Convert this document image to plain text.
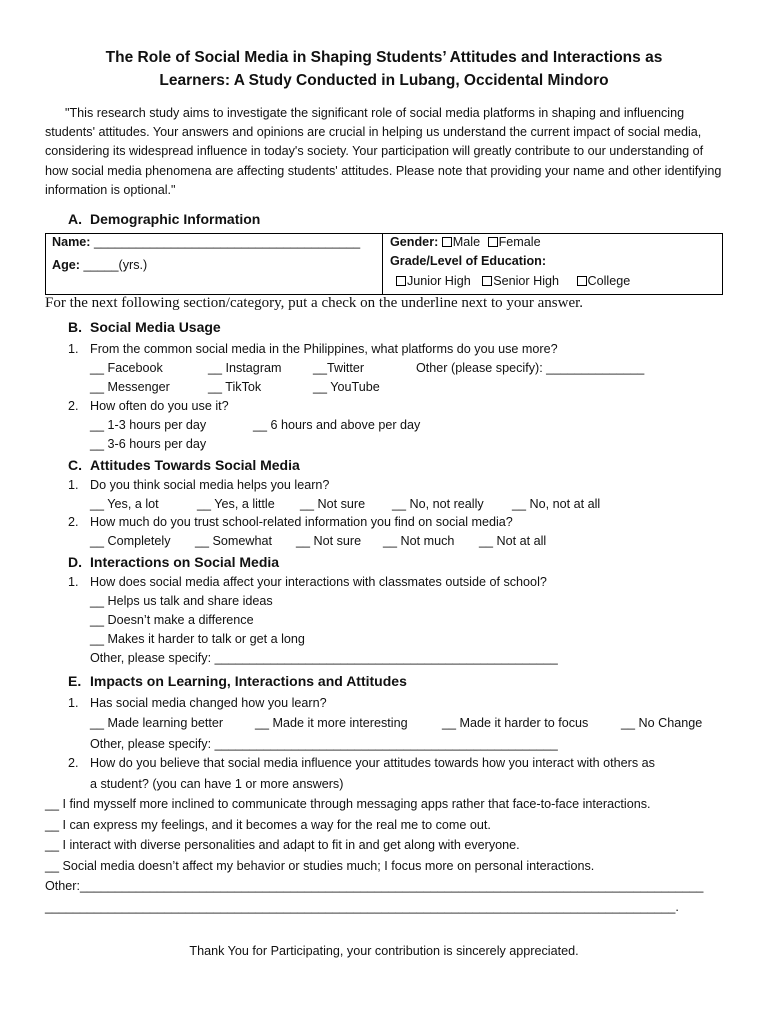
The Role of Social Media in Shaping Students’ Attitudes and Interactions as
Learners: A Study Conducted in Lubang, Occidental Mindoro
"This research study aims to investigate the significant role of social media platforms in shaping and influencing students' attitudes. Your answers and opinions are crucial in helping us understand the current impact of social media, considering its widespread influence in today's society. Your participation will greatly contribute to our understanding of how social media phenomena are affecting students' attitudes. Please note that providing your name and other identifying information is optional."
A. Demographic Information
Name: ______________________________________
Age: _____(yrs.)
Gender: Male Female
Grade/Level of Education:
Junior High Senior High College
For the next following section/category, put a check on the underline next to your answer.
B. Social Media Usage
1. From the common social media in the Philippines, what platforms do you use more?
__ Facebook	__ Instagram __Twitter	Other (please specify): ______________
__ Messenger	__ TikTok	__ YouTube
2. How often do you use it?
__ 1-3 hours per day	__ 6 hours and above per day
__ 3-6 hours per day
C. Attitudes Towards Social Media
1. Do you think social media helps you learn?
__ Yes, a lot	__ Yes, a little __ Not sure __ No, not really __ No, not at all
2. How much do you trust school-related information you find on social media?
__ Completely __ Somewhat __ Not sure __ Not much __ Not at all
D. Interactions on Social Media
1. How does social media affect your interactions with classmates outside of school?
__ Helps us talk and share ideas
__ Doesn’t make a difference
__ Makes it harder to talk or get a long
Other, please specify: _________________________________________________
E. Impacts on Learning, Interactions and Attitudes
1. Has social media changed how you learn?
__ Made learning better	__ Made it more interesting	__ Made it harder to focus	__ No Change
Other, please specify: _________________________________________________
2. How do you believe that social media influence your attitudes towards how you interact with others as
a student? (you can have 1 or more answers)
__ I find mysself more inclined to communicate through messaging apps rather that face-to-face interactions.
__ I can express my feelings, and it becomes a way for the real me to come out.
__ I interact with diverse personalities and adapt to fit in and get along with everyone.
__ Social media doesn’t affect my behavior or studies much; I focus more on personal interactions.
Other:_________________________________________________________________________________________
__________________________________________________________________________________________.
Thank You for Participating, your contribution is sincerely appreciated.
